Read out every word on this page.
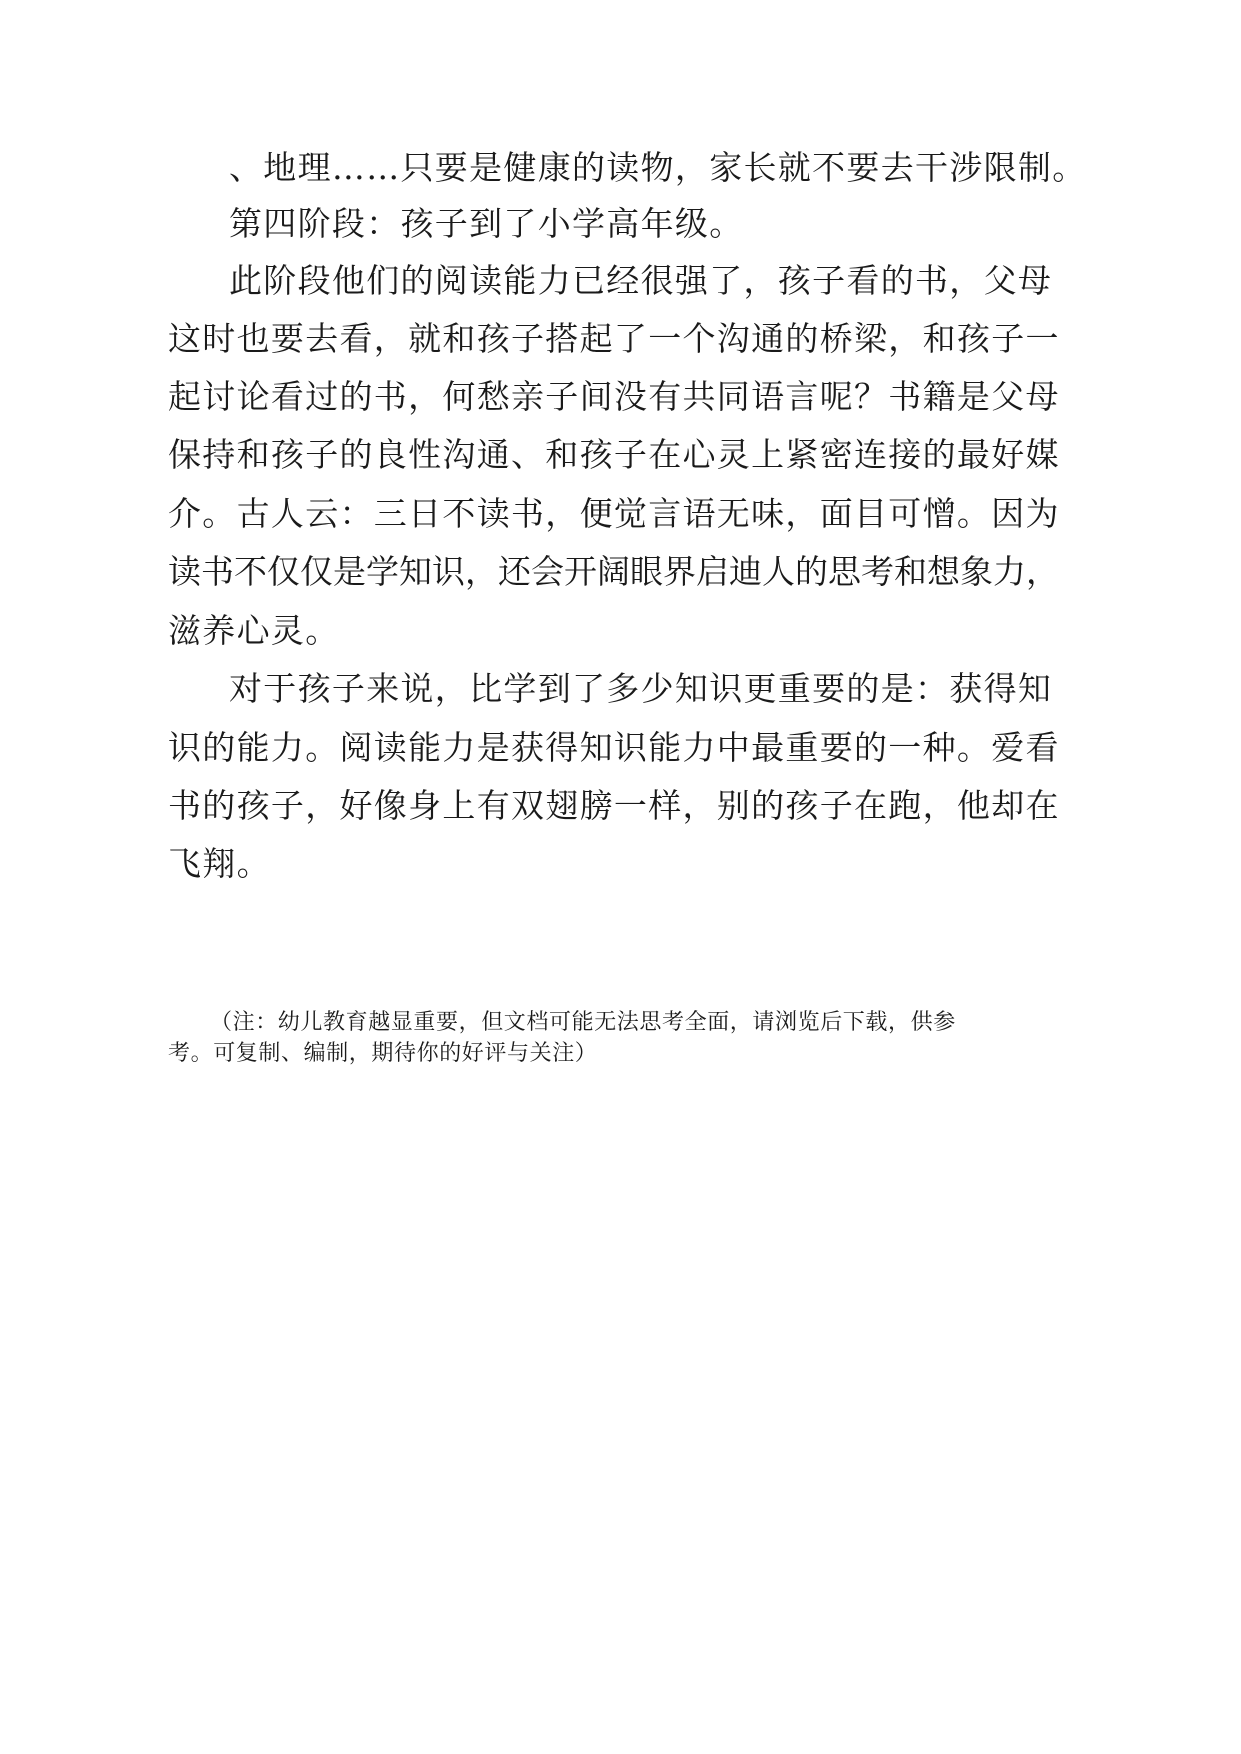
、地理……只要是健康的读物，家长就不要去干涉限制。
第四阶段：孩子到了小学高年级。
此阶段他们的阅读能力已经很强了，孩子看的书，父母
这时也要去看，就和孩子搭起了一个沟通的桥梁，和孩子一
起讨论看过的书，何愁亲子间没有共同语言呢？书籍是父母
保持和孩子的良性沟通、和孩子在心灵上紧密连接的最好媒
介。古人云：三日不读书，便觉言语无味，面目可憎。因为
读书不仅仅是学知识，还会开阔眼界启迪人的思考和想象力，
滋养心灵。
对于孩子来说，比学到了多少知识更重要的是：获得知
识的能力。阅读能力是获得知识能力中最重要的一种。爱看
书的孩子，好像身上有双翅膀一样，别的孩子在跑，他却在
飞翔。
（注：幼儿教育越显重要，但文档可能无法思考全面，请浏览后下载，供参
考。可复制、编制，期待你的好评与关注）
